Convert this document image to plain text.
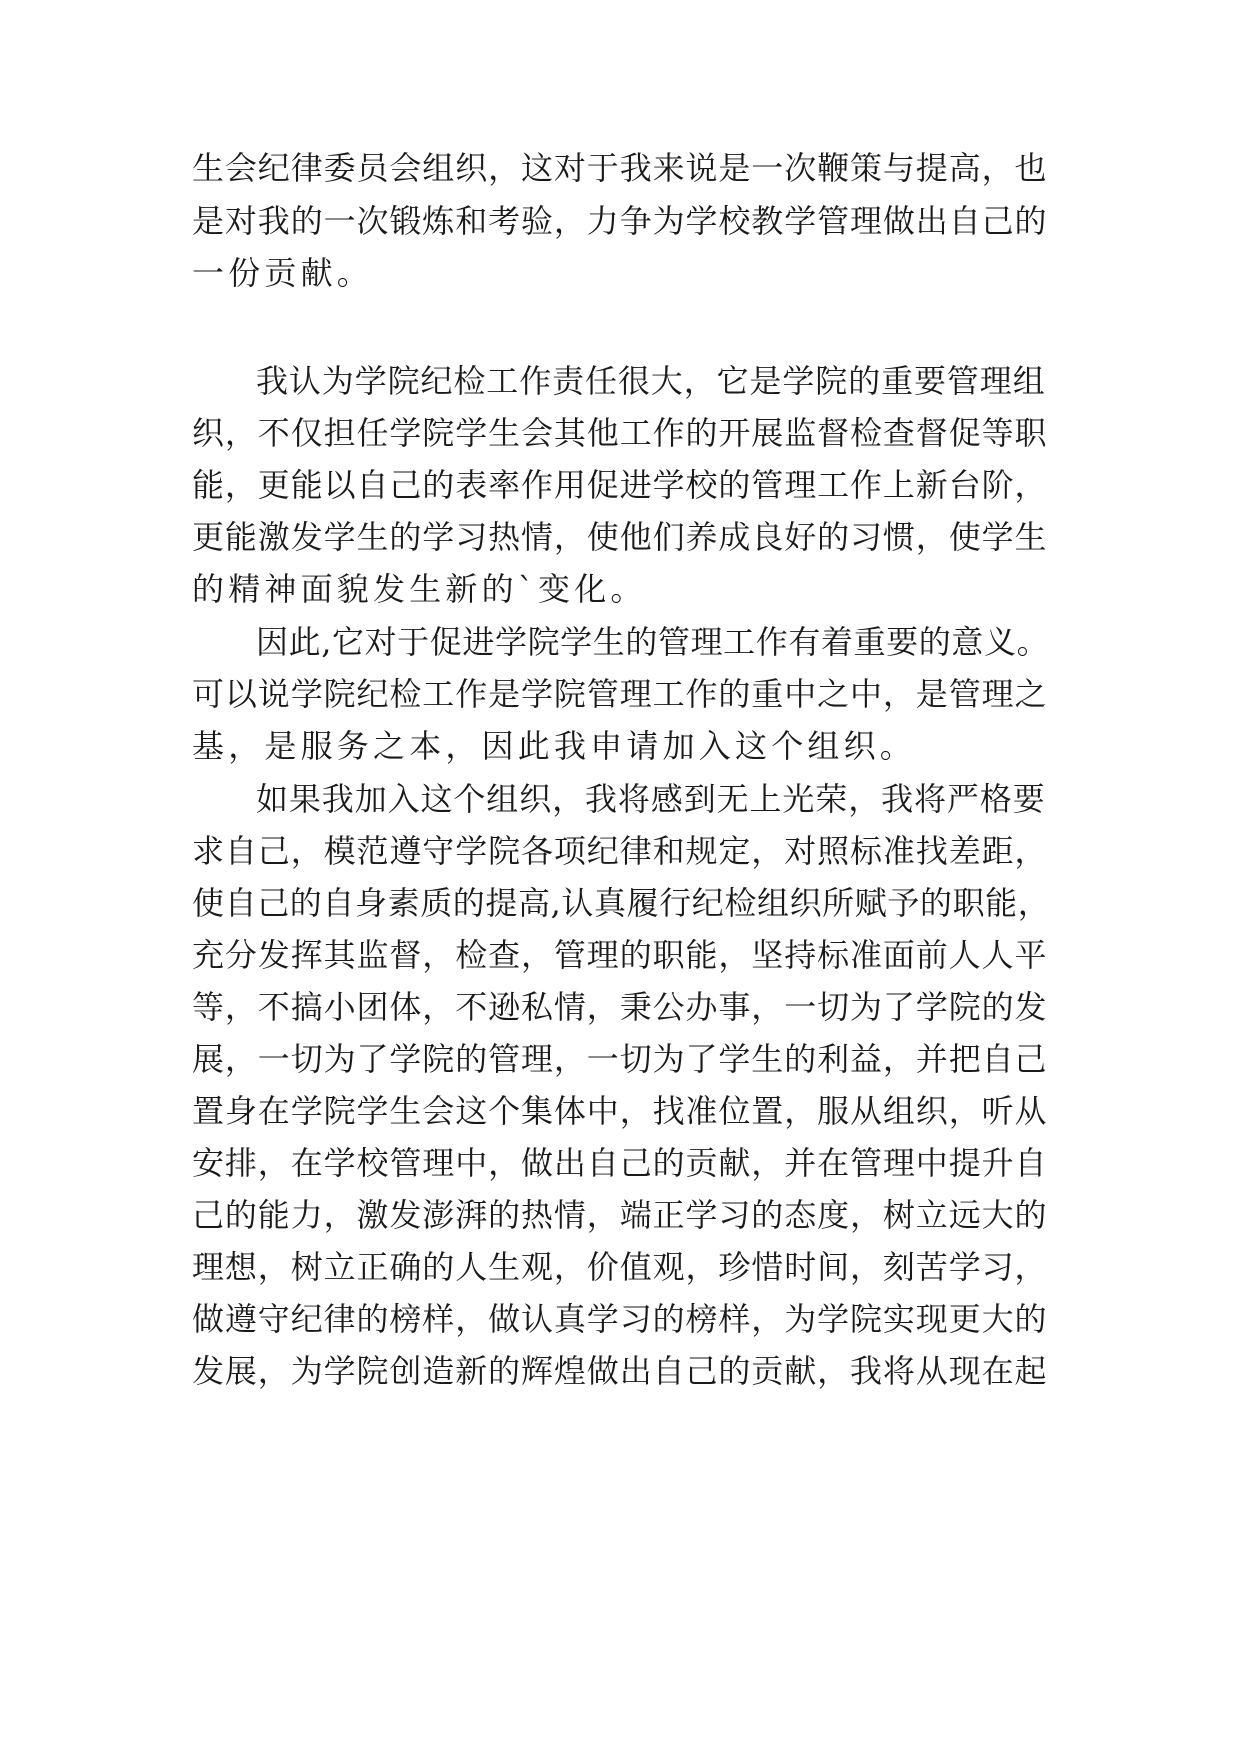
生会纪律委员会组织，这对于我来说是一次鞭策与提高，也
是对我的一次锻炼和考验，力争为学校教学管理做出自己的
一份贡献。
我认为学院纪检工作责任很大，它是学院的重要管理组
织，不仅担任学院学生会其他工作的开展监督检查督促等职
能，更能以自己的表率作用促进学校的管理工作上新台阶，
更能激发学生的学习热情，使他们养成良好的习惯，使学生
的精神面貌发生新的`变化。
因此,它对于促进学院学生的管理工作有着重要的意义。
可以说学院纪检工作是学院管理工作的重中之中，是管理之
基，是服务之本，因此我申请加入这个组织。
如果我加入这个组织，我将感到无上光荣，我将严格要
求自己，模范遵守学院各项纪律和规定，对照标准找差距，
使自己的自身素质的提高,认真履行纪检组织所赋予的职能，
充分发挥其监督，检查，管理的职能，坚持标准面前人人平
等，不搞小团体，不逊私情，秉公办事，一切为了学院的发
展，一切为了学院的管理，一切为了学生的利益，并把自己
置身在学院学生会这个集体中，找准位置，服从组织，听从
安排，在学校管理中，做出自己的贡献，并在管理中提升自
己的能力，激发澎湃的热情，端正学习的态度，树立远大的
理想，树立正确的人生观，价值观，珍惜时间，刻苦学习，
做遵守纪律的榜样，做认真学习的榜样，为学院实现更大的
发展，为学院创造新的辉煌做出自己的贡献，我将从现在起
